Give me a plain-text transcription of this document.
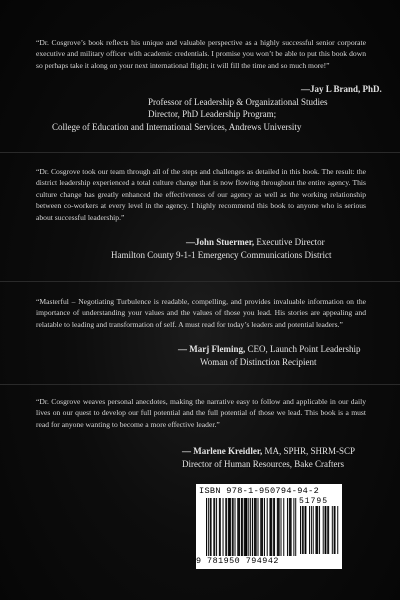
“Dr. Cosgrove’s book reflects his unique and valuable perspective as a highly successful senior corporate executive and military officer with academic credentials. I promise you won’t be able to put this book down so perhaps take it along on your next international flight; it will fill the time and so much more!”
—Jay L Brand, PhD.
Professor of Leadership & Organizational Studies
Director, PhD Leadership Program;
College of Education and International Services, Andrews University
“Dr. Cosgrove took our team through all of the steps and challenges as detailed in this book. The result: the district leadership experienced a total culture change that is now flowing throughout the entire agency. This culture change has greatly enhanced the effectiveness of our agency as well as the working relationship between co-workers at every level in the agency. I highly recommend this book to anyone who is serious about successful leadership.”
—John Stuermer, Executive Director
Hamilton County 9-1-1 Emergency Communications District
“Masterful – Negotiating Turbulence is readable, compelling, and provides invaluable information on the importance of understanding your values and the values of those you lead. His stories are appealing and relatable to leading and transformation of self. A must read for today’s leaders and potential leaders.”
— Marj Fleming, CEO, Launch Point Leadership
Woman of Distinction Recipient
“Dr. Cosgrove weaves personal anecdotes, making the narrative easy to follow and applicable in our daily lives on our quest to develop our full potential and the full potential of those we lead. This book is a must read for anyone wanting to become a more effective leader.”
— Marlene Kreidler, MA, SPHR, SHRM-SCP
Director of Human Resources, Bake Crafters
ISBN 978-1-950794-94-2
51795
9 781950 794942
